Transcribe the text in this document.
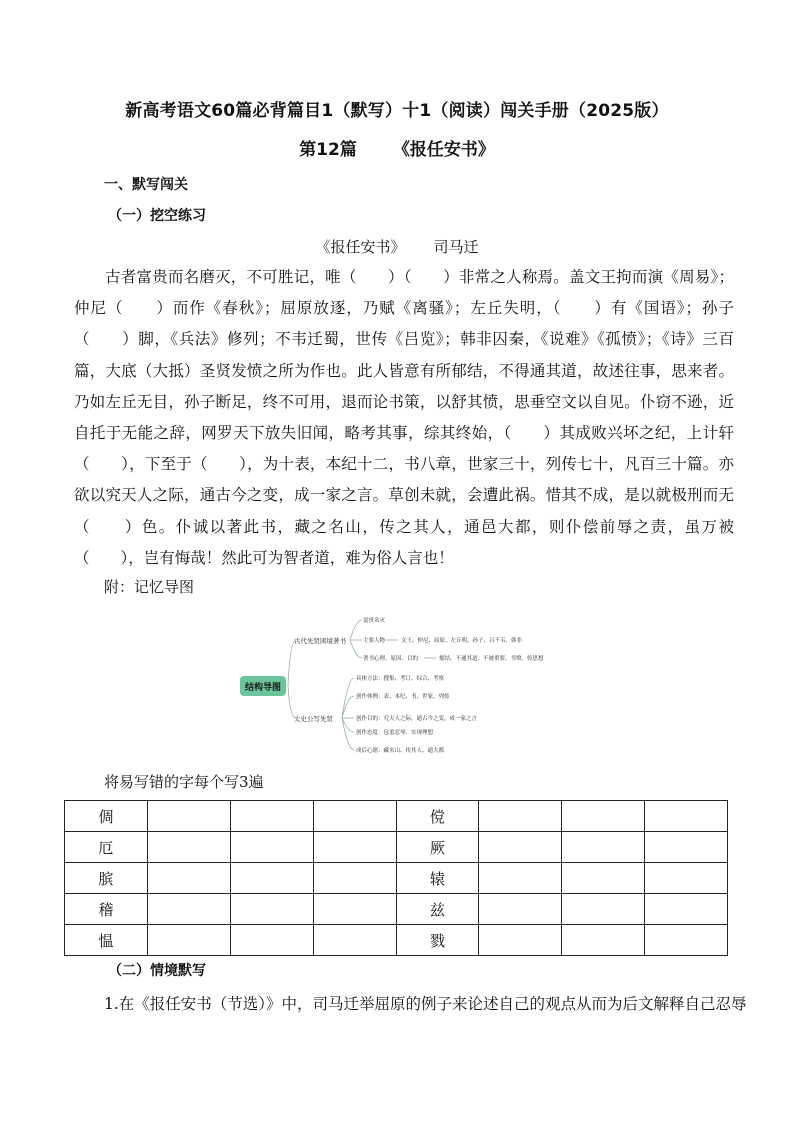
新高考语文60篇必背篇目1（默写）十1（阅读）闯关手册（2025版）
第12篇 《报任安书》
一、默写闯关
（一）挖空练习
《报任安书》 司马迁

古者富贵而名磨灭，不可胜记，唯（　　）（　　）非常之人称焉。盖文王拘而演《周易》；仲尼（　　）而作《春秋》；屈原放逐，乃赋《离骚》；左丘失明，（　　）有《国语》；孙子（　　）脚，《兵法》修列；不韦迁蜀，世传《吕览》；韩非囚秦，《说难》《孤愤》；《诗》三百篇，大底（大抵）圣贤发愤之所为作也。此人皆意有所郁结，不得通其道，故述往事，思来者。乃如左丘无目，孙子断足，终不可用，退而论书策，以舒其愤，思垂空文以自见。仆窃不逊，近自托于无能之辞，网罗天下放失旧闻，略考其事，综其终始，（　　）其成败兴坏之纪，上计轩（　　），下至于（　　），为十表，本纪十二，书八章，世家三十，列传七十，凡百三十篇。亦欲以究天人之际，通古今之变，成一家之言。草创未就，会遭此祸。惜其不成，是以就极刑而无（　　）色。仆诚以著此书，藏之名山，传之其人，通邑大都，则仆偿前辱之责，虽万被（　　），岂有悔哉！然此可为智者道，难为俗人言也！

附：记忆导图
结构导图
古代先贤困境著书
太史公写先贤
富贵名灭
主要人物	文王、仲尼、屈原、左丘明、孙子、吕不韦、韩非
著书心理、原因、目的	郁结、不通其道、不被重要、书愤、传思想
具体方法：搜集、考订、综合、考察
创作体例：表、本纪、书、世家、列传
创作目的：究天人之际，通古今之变，成一家之言
创作态度：包羞忍辱、实现理想
成后心愿：藏名山、传其人、通大都
将易写错的字每个写3遍
倜				傥			
厄				厥			
膑				辕			
稽				兹			
愠				戮			
（二）情境默写
1.在《报任安书（节选）》中，司马迁举屈原的例子来论述自己的观点从而为后文解释自己忍辱
